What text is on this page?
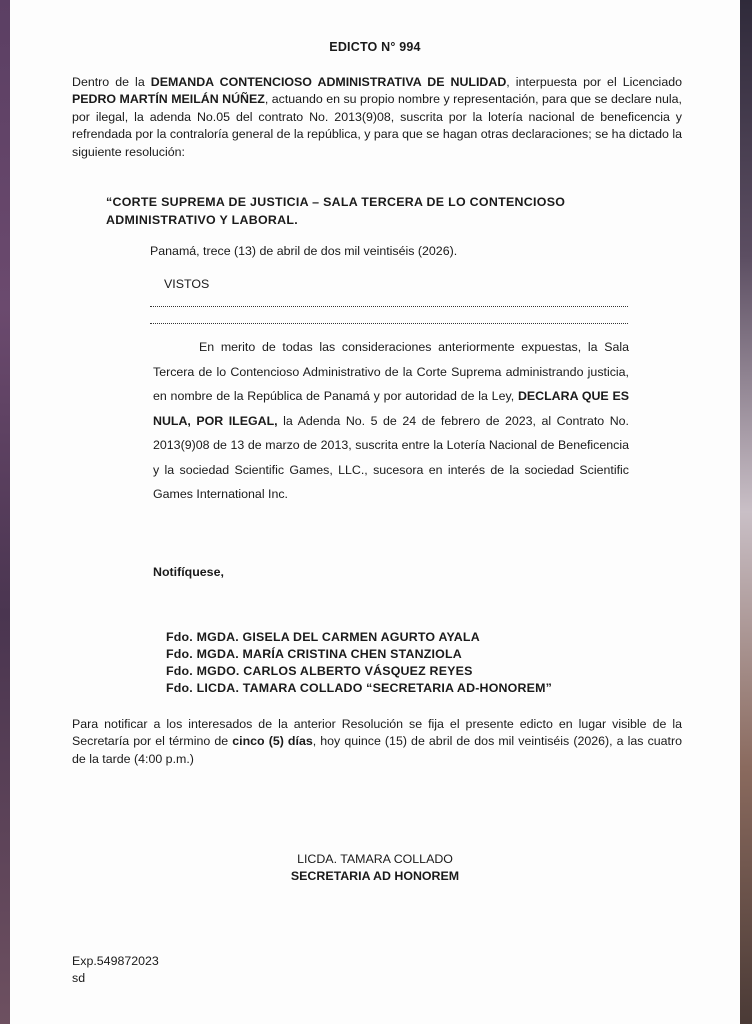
EDICTO N° 994
Dentro de la DEMANDA CONTENCIOSO ADMINISTRATIVA DE NULIDAD, interpuesta por el Licenciado PEDRO MARTÍN MEILÁN NÚÑEZ, actuando en su propio nombre y representación, para que se declare nula, por ilegal, la adenda No.05 del contrato No. 2013(9)08, suscrita por la lotería nacional de beneficencia y refrendada por la contraloría general de la república, y para que se hagan otras declaraciones; se ha dictado la siguiente resolución:
“CORTE SUPREMA DE JUSTICIA – SALA TERCERA DE LO CONTENCIOSO
ADMINISTRATIVO Y LABORAL.
Panamá, trece (13) de abril de dos mil veintiséis (2026).
VISTOS
En merito de todas las consideraciones anteriormente expuestas, la Sala Tercera de lo Contencioso Administrativo de la Corte Suprema administrando justicia, en nombre de la República de Panamá y por autoridad de la Ley, DECLARA QUE ES NULA, POR ILEGAL, la Adenda No. 5 de 24 de febrero de 2023, al Contrato No. 2013(9)08 de 13 de marzo de 2013, suscrita entre la Lotería Nacional de Beneficencia y la sociedad Scientific Games, LLC., sucesora en interés de la sociedad Scientific Games International Inc.
Notifíquese,
Fdo. MGDA. GISELA DEL CARMEN AGURTO AYALA
Fdo. MGDA. MARÍA CRISTINA CHEN STANZIOLA
Fdo. MGDO. CARLOS ALBERTO VÁSQUEZ REYES
Fdo. LICDA. TAMARA COLLADO “SECRETARIA AD-HONOREM”
Para notificar a los interesados de la anterior Resolución se fija el presente edicto en lugar visible de la Secretaría por el término de cinco (5) días, hoy quince (15) de abril de dos mil veintiséis (2026), a las cuatro de la tarde (4:00 p.m.)
LICDA. TAMARA COLLADO
SECRETARIA AD HONOREM
Exp.549872023
sd
